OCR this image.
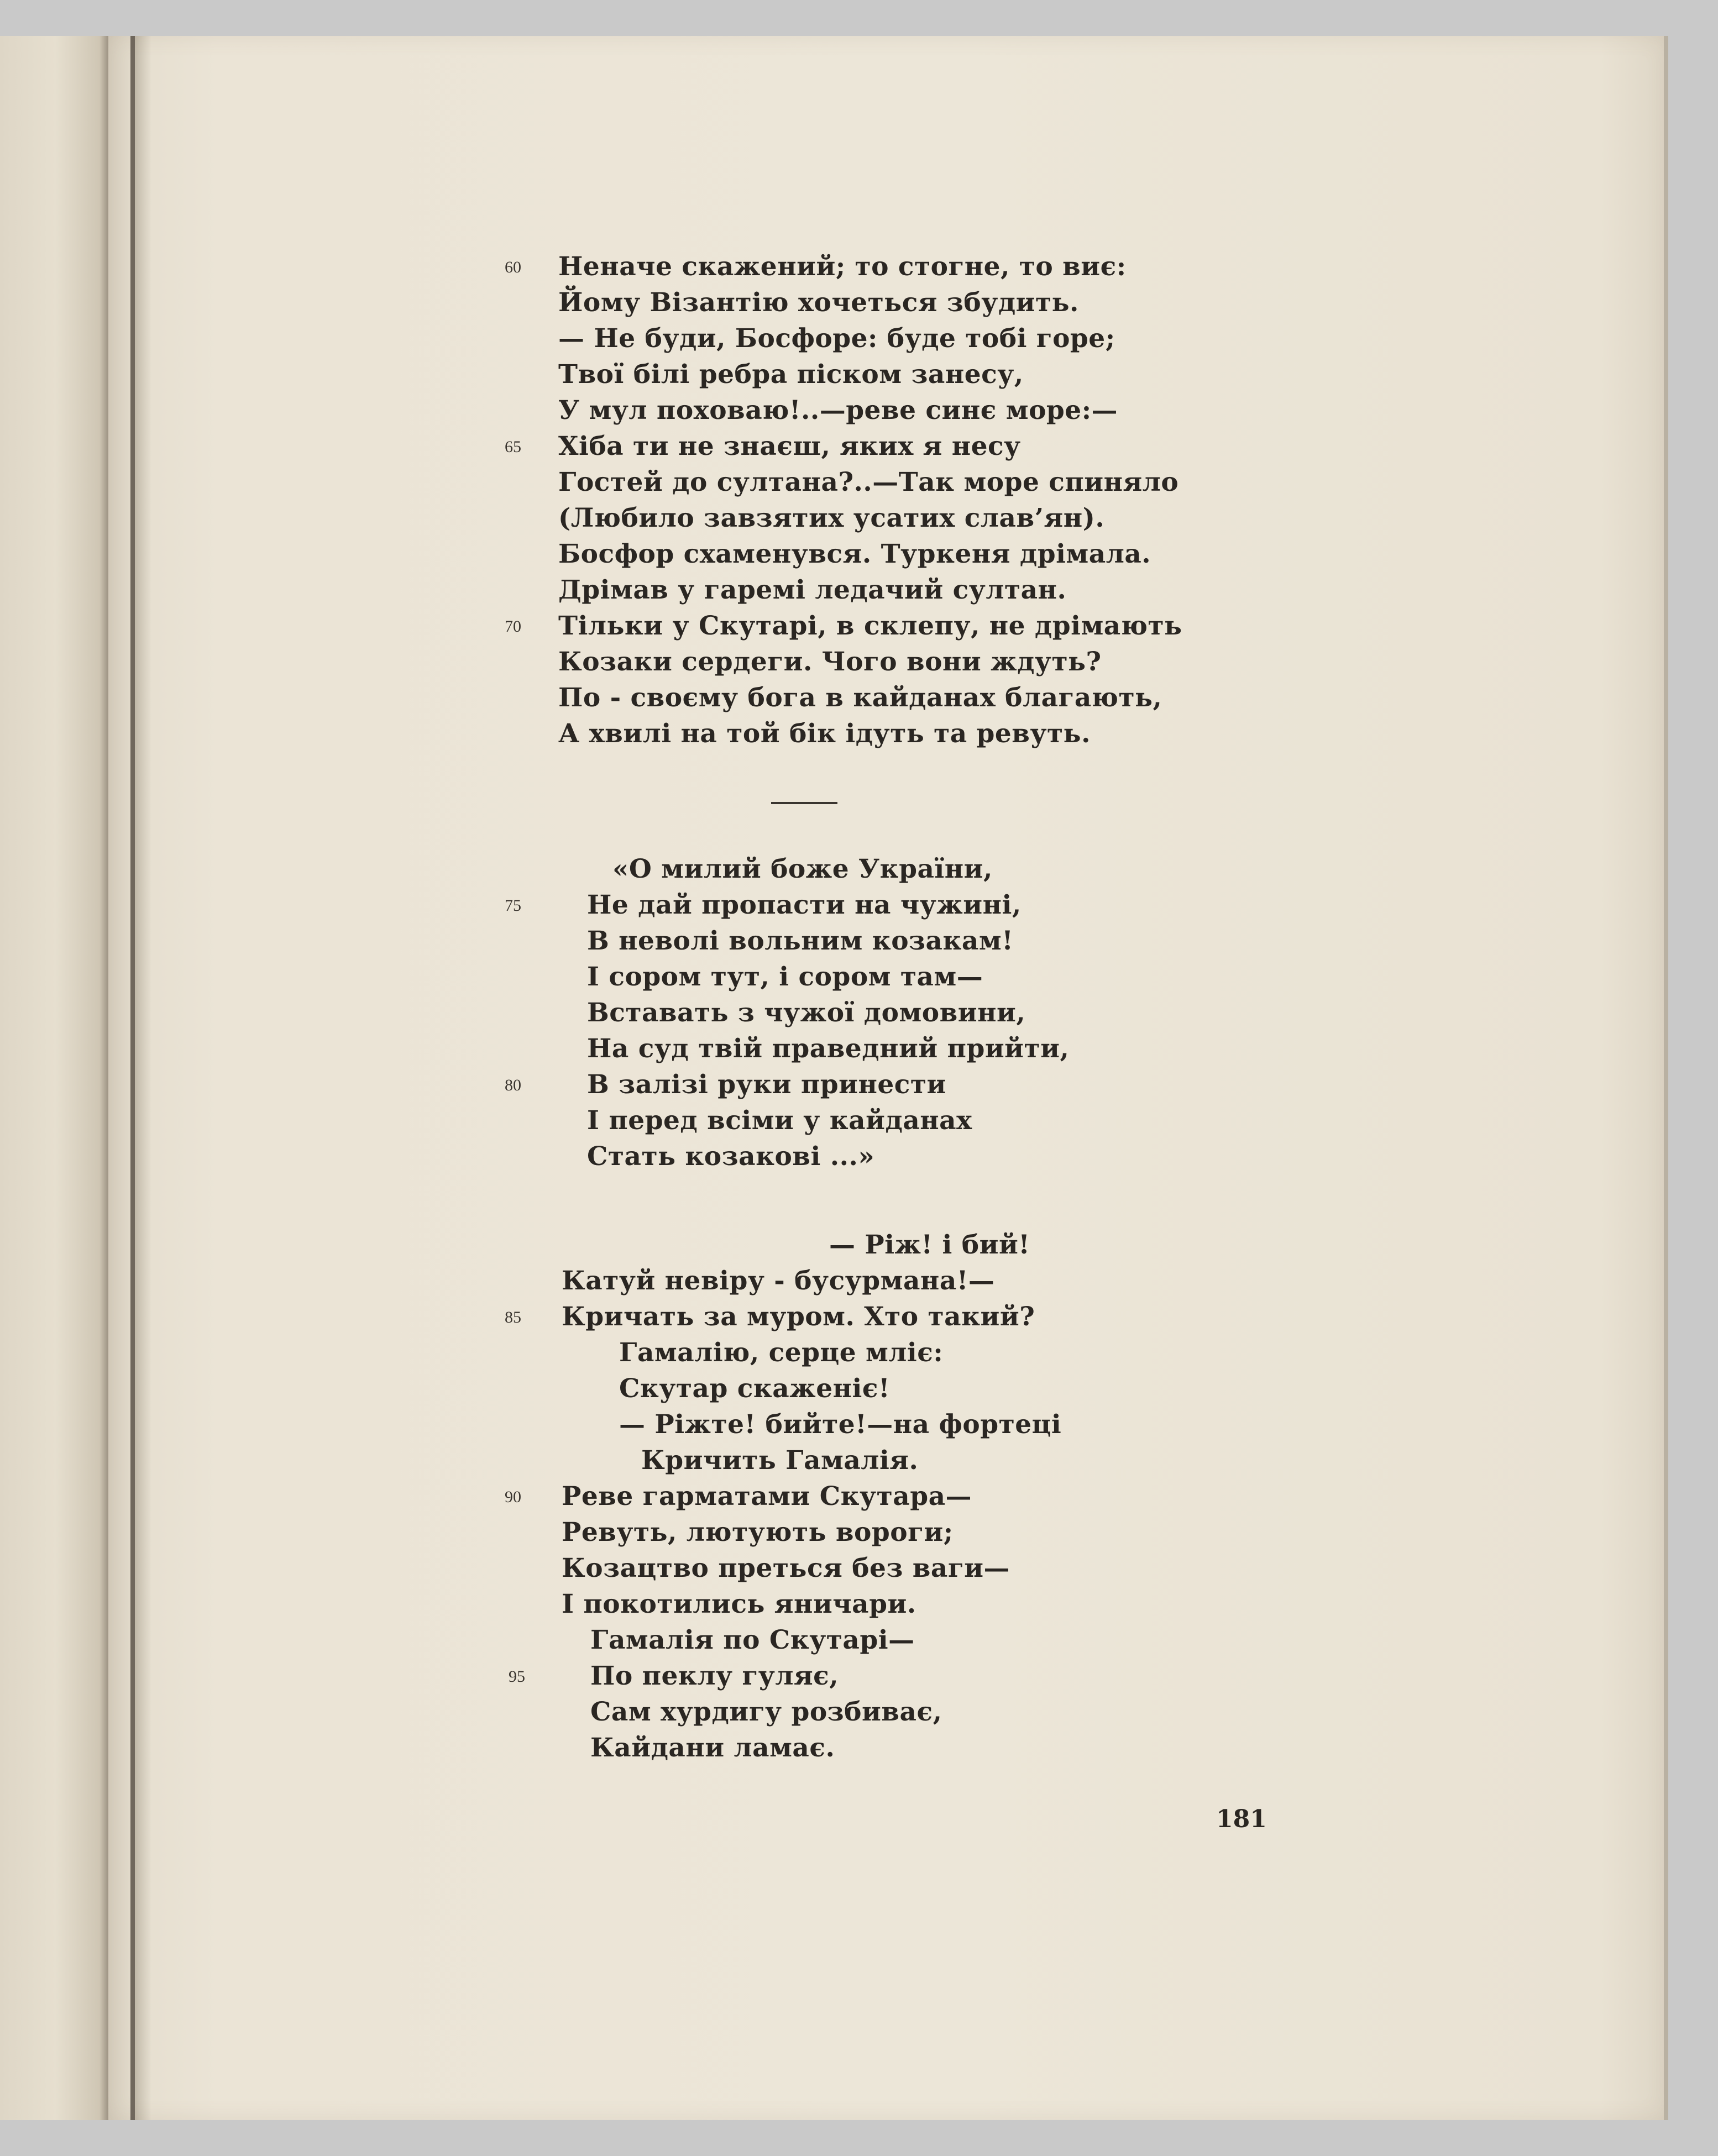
60 Неначе скажений; то стогне, то виє:
Йому Візантію хочеться збудить.
— Не буди, Босфоре: буде тобі горе;
Твої білі ребра піском занесу,
У мул поховаю!..—реве синє море:—
65 Хіба ти не знаєш, яких я несу
Гостей до султана?..—Так море спиняло
(Любило завзятих усатих слав’ян).
Босфор схаменувся. Туркеня дрімала.
Дрімав у гаремі ледачий султан.
70 Тільки у Скутарі, в склепу, не дрімають
Козаки сердеги. Чого вони ждуть?
По - своєму бога в кайданах благають,
А хвилі на той бік ідуть та ревуть.
«О милий боже України,
75	Не дай пропасти на чужині,
В неволі вольним козакам!
І сором тут, і сором там—
Вставать з чужої домовини,
На суд твій праведний прийти,
80	В залізі руки принести
І перед всіми у кайданах
Стать козакові ...»
— Ріж! і бий!
Катуй невіру - бусурмана!—
85 Кричать за муром. Хто такий?
Гамалію, серце мліє:
Скутар скаженіє!
— Ріжте! бийте!—на фортеці
Кричить Гамалія.
90 Реве гарматами Скутара—
Ревуть, лютують вороги;
Козацтво преться без ваги—
І покотились яничари.
Гамалія по Скутарі—
95	По пеклу гуляє,
Сам хурдигу розбиває,
Кайдани ламає.
181
